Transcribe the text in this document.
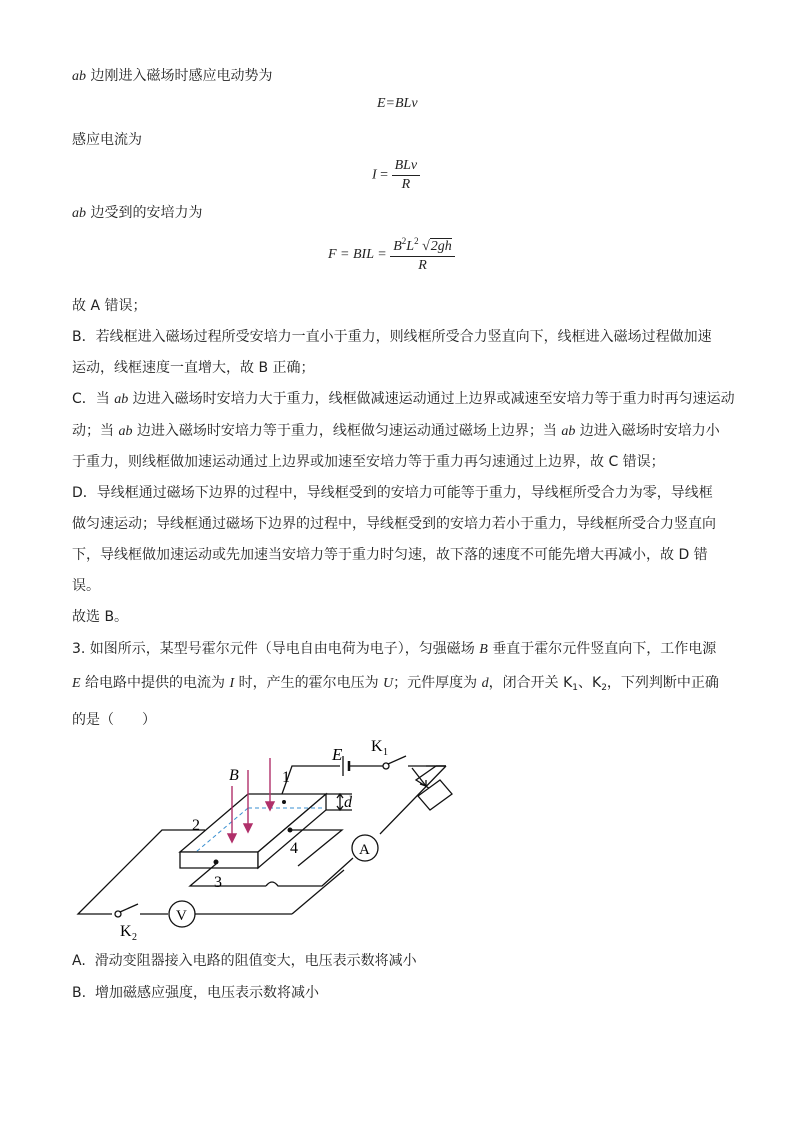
ab 边刚进入磁场时感应电动势为
E=BLv
感应电流为
$I = \frac{\text{BLv}}{R}$
ab 边受到的安培力为
F = BIL = $\frac{B^2L^2 √2gh}{R}$
故 A 错误；
B．若线框进入磁场过程所受安培力一直小于重力，则线框所受合力竖直向下，线框进入磁场过程做加速
运动，线框速度一直增大，故 B 正确；
C．当 ab 边进入磁场时安培力大于重力，线框做减速运动通过上边界或减速至安培力等于重力时再匀速运动
动；当 ab 边进入磁场时安培力等于重力，线框做匀速运动通过磁场上边界；当 ab 边进入磁场时安培力小
于重力，则线框做加速运动通过上边界或加速至安培力等于重力再匀速通过上边界，故 C 错误；
D．导线框通过磁场下边界的过程中，导线框受到的安培力可能等于重力，导线框所受合力为零，导线框
做匀速运动；导线框通过磁场下边界的过程中，导线框受到的安培力若小于重力，导线框所受合力竖直向
下，导线框做加速运动或先加速当安培力等于重力时匀速，故下落的速度不可能先增大再减小，故 D 错
误。
故选 B。
3. 如图所示，某型号霍尔元件（导电自由电荷为电子），匀强磁场 B 垂直于霍尔元件竖直向下，工作电源
E 给电路中提供的电流为 I 时，产生的霍尔电压为 U；元件厚度为 d，闭合开关 $K_1$、$K_2$，下列判断中正确
的是（　　）
E K 1
B	1
d
2
4
3
A
V
K 2
A. 滑动变阻器接入电路的阻值变大，电压表示数将减小
B. 增加磁感应强度，电压表示数将减小
